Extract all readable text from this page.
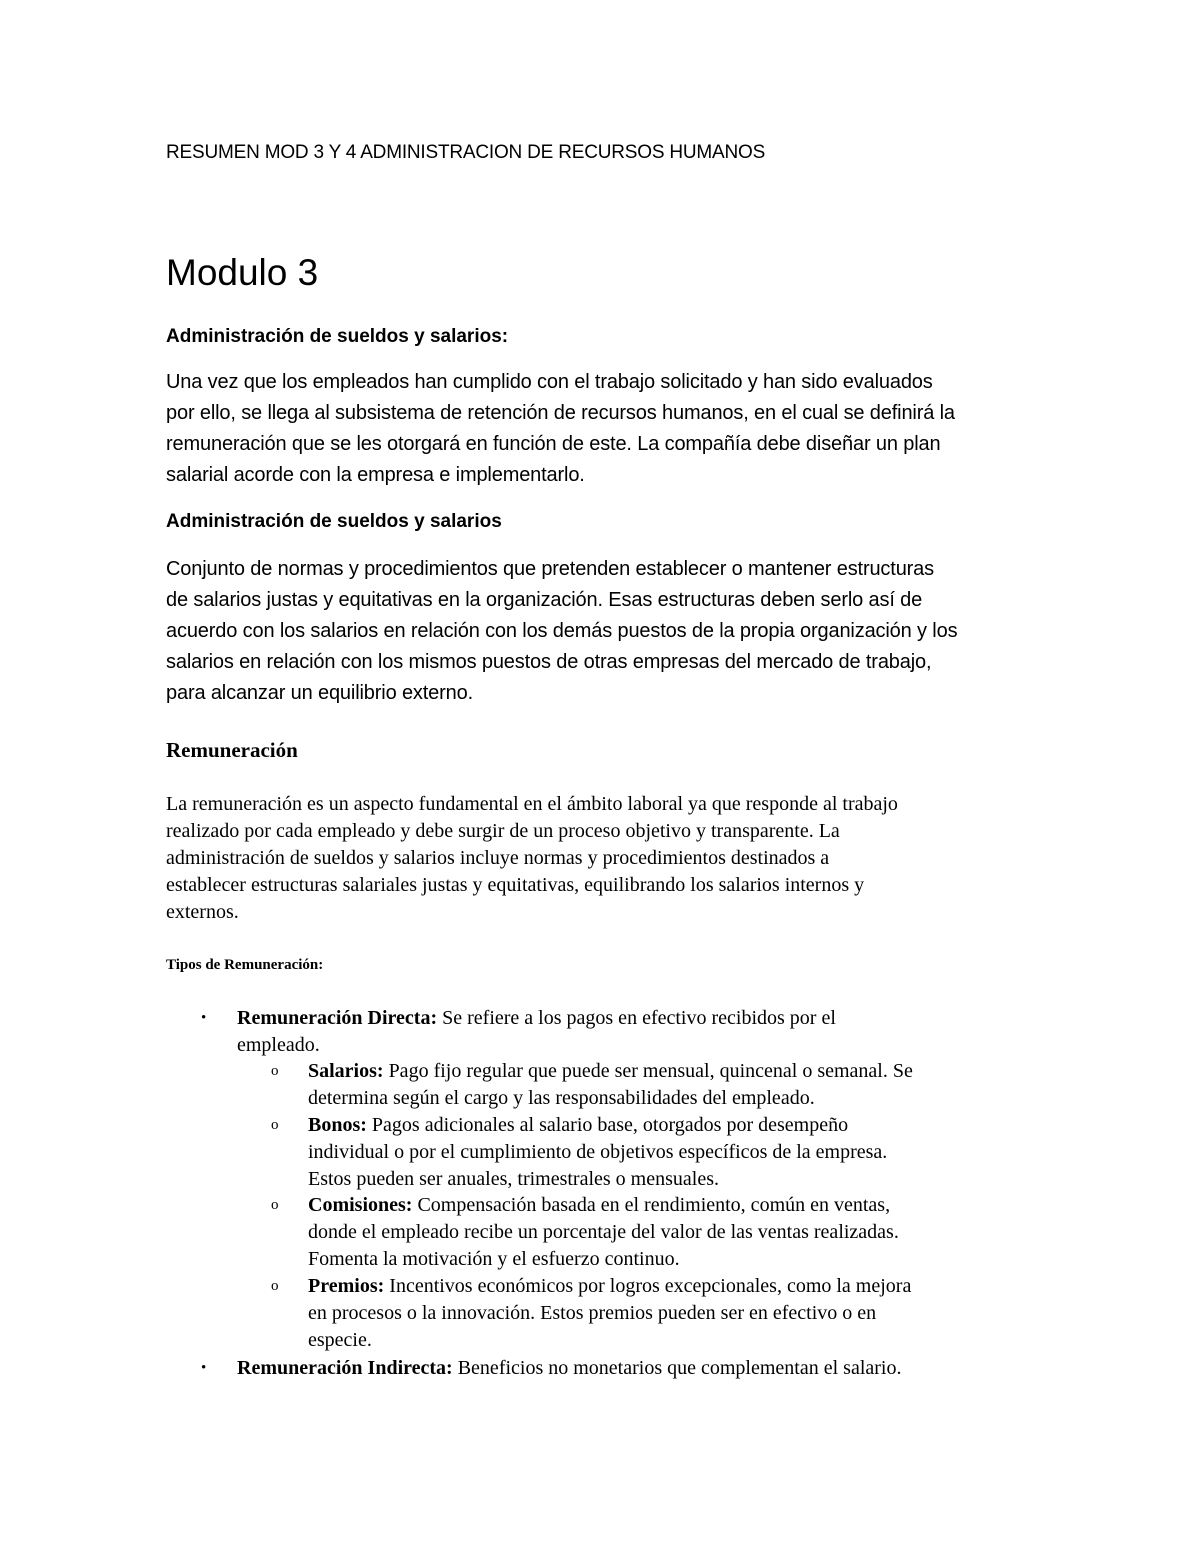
RESUMEN MOD 3 Y 4 ADMINISTRACION DE RECURSOS HUMANOS

Modulo 3

Administración de sueldos y salarios:

Una vez que los empleados han cumplido con el trabajo solicitado y han sido evaluados
por ello, se llega al subsistema de retención de recursos humanos, en el cual se definirá la
remuneración que se les otorgará en función de este. La compañía debe diseñar un plan
salarial acorde con la empresa e implementarlo.

Administración de sueldos y salarios

Conjunto de normas y procedimientos que pretenden establecer o mantener estructuras
de salarios justas y equitativas en la organización. Esas estructuras deben serlo así de
acuerdo con los salarios en relación con los demás puestos de la propia organización y los
salarios en relación con los mismos puestos de otras empresas del mercado de trabajo,
para alcanzar un equilibrio externo.
Remuneración
La remuneración es un aspecto fundamental en el ámbito laboral ya que responde al trabajo
realizado por cada empleado y debe surgir de un proceso objetivo y transparente. La
administración de sueldos y salarios incluye normas y procedimientos destinados a
establecer estructuras salariales justas y equitativas, equilibrando los salarios internos y
externos.

Tipos de Remuneración:

• Remuneración Directa: Se refiere a los pagos en efectivo recibidos por el
empleado.
o Salarios: Pago fijo regular que puede ser mensual, quincenal o semanal. Se
determina según el cargo y las responsabilidades del empleado.
o Bonos: Pagos adicionales al salario base, otorgados por desempeño
individual o por el cumplimiento de objetivos específicos de la empresa.
Estos pueden ser anuales, trimestrales o mensuales.
o Comisiones: Compensación basada en el rendimiento, común en ventas,
donde el empleado recibe un porcentaje del valor de las ventas realizadas.
Fomenta la motivación y el esfuerzo continuo.
o Premios: Incentivos económicos por logros excepcionales, como la mejora
en procesos o la innovación. Estos premios pueden ser en efectivo o en
especie.
• Remuneración Indirecta: Beneficios no monetarios que complementan el salario.
